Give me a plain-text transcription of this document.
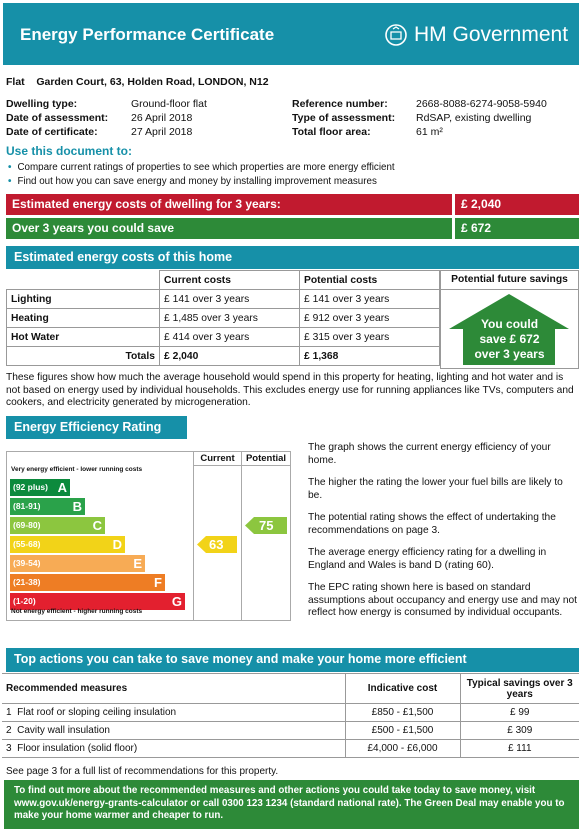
Energy Performance Certificate	HM Government
Flat Garden Court, 63, Holden Road, LONDON, N12
Dwelling type:	Ground-floor flat
Date of assessment: 26 April 2018
Date of certificate:	27 April 2018
Reference number:	2668-8088-6274-9058-5940
Type of assessment: RdSAP, existing dwelling
Total floor area:	61 m²
Use this document to:
• Compare current ratings of properties to see which properties are more energy efficient
• Find out how you can save energy and money by installing improvement measures
Estimated energy costs of dwelling for 3 years:	£ 2,040
Over 3 years you could save	£ 672
Estimated energy costs of this home
	Current costs	Potential costs
Lighting	£ 141 over 3 years	£ 141 over 3 years
Heating	£ 1,485 over 3 years	£ 912 over 3 years
Hot Water	£ 414 over 3 years	£ 315 over 3 years
Totals	£ 2,040	£ 1,368
Potential future savings
You could
save £ 672
over 3 years
These figures show how much the average household would spend in this property for heating, lighting and hot water and is not based on energy used by individual households. This excludes energy use for running appliances like TVs, computers and cookers, and electricity generated by microgeneration.
Energy Efficiency Rating
Current	Potential
Very energy efficient - lower running costs
(92 plus) A
(81-91) B
(69-80)	C
(55-68)	D
(39-54)	E
(21-38)	F
(1-20)	G
Not energy efficient - higher running costs
63
75

The graph shows the current energy efficiency of your home.

The higher the rating the lower your fuel bills are likely to be.

The potential rating shows the effect of undertaking the recommendations on page 3.

The average energy efficiency rating for a dwelling in England and Wales is band D (rating 60).

The EPC rating shown here is based on standard assumptions about occupancy and energy use and may not reflect how energy is consumed by individual occupants.

Top actions you can take to save money and make your home more efficient
Recommended measures	Indicative cost	Typical savings over 3 years
1 Flat roof or sloping ceiling insulation	£850 - £1,500	£ 99
2 Cavity wall insulation	£500 - £1,500	£ 309
3 Floor insulation (solid floor)	£4,000 - £6,000	£ 111
See page 3 for a full list of recommendations for this property.
To find out more about the recommended measures and other actions you could take today to save money, visit www.gov.uk/energy-grants-calculator or call 0300 123 1234 (standard national rate). The Green Deal may enable you to make your home warmer and cheaper to run.
